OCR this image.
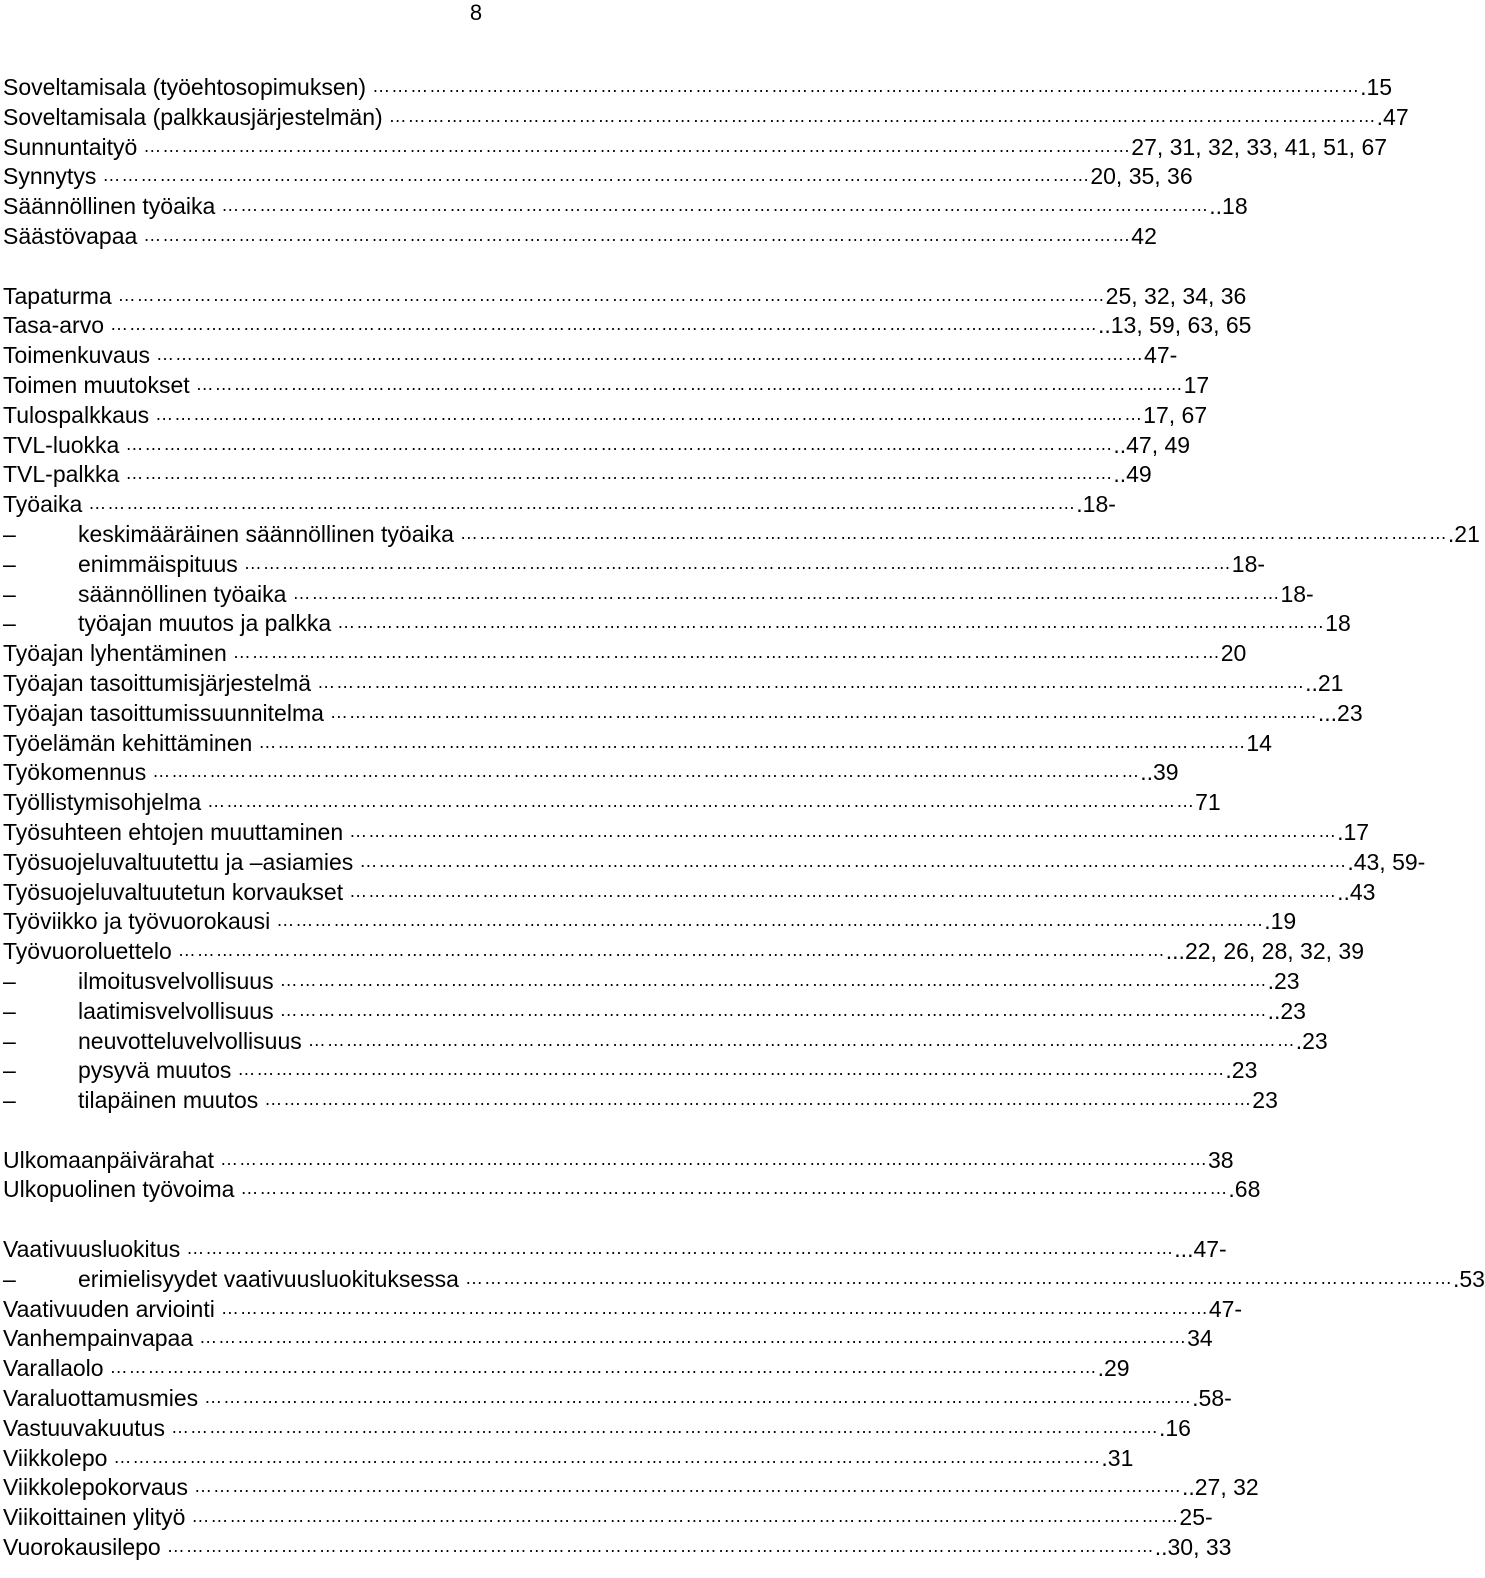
8
Soveltamisala (työehtosopimuksen) ………………………………………………………………………………………………………………………………………… .15
Soveltamisala (palkkausjärjestelmän) ………………………………………………………………………………………………………………………………………… .47
Sunnuntaityö ………………………………………………………………………………………………………………………………………… 27, 31, 32, 33, 41, 51, 67
Synnytys ………………………………………………………………………………………………………………………………………… 20, 35, 36
Säännöllinen työaika ………………………………………………………………………………………………………………………………………… ..18
Säästövapaa ………………………………………………………………………………………………………………………………………… 42
Tapaturma ………………………………………………………………………………………………………………………………………… 25, 32, 34, 36
Tasa-arvo ………………………………………………………………………………………………………………………………………… ..13, 59, 63, 65
Toimenkuvaus ………………………………………………………………………………………………………………………………………… 47-
Toimen muutokset ………………………………………………………………………………………………………………………………………… 17
Tulospalkkaus ………………………………………………………………………………………………………………………………………… 17, 67
TVL-luokka ………………………………………………………………………………………………………………………………………… ..47, 49
TVL-palkka ………………………………………………………………………………………………………………………………………… ..49
Työaika ………………………………………………………………………………………………………………………………………… .18-
–	keskimääräinen säännöllinen työaika ………………………………………………………………………………………………………………………………………… .21
–	enimmäispituus ………………………………………………………………………………………………………………………………………… 18-
–	säännöllinen työaika ………………………………………………………………………………………………………………………………………… 18-
–	työajan muutos ja palkka ………………………………………………………………………………………………………………………………………… 18
Työajan lyhentäminen ………………………………………………………………………………………………………………………………………… 20
Työajan tasoittumisjärjestelmä ………………………………………………………………………………………………………………………………………… ..21
Työajan tasoittumissuunnitelma ………………………………………………………………………………………………………………………………………… ...23
Työelämän kehittäminen ………………………………………………………………………………………………………………………………………… 14
Työkomennus ………………………………………………………………………………………………………………………………………… ..39
Työllistymisohjelma ………………………………………………………………………………………………………………………………………… 71
Työsuhteen ehtojen muuttaminen ………………………………………………………………………………………………………………………………………… .17
Työsuojeluvaltuutettu ja –asiamies ………………………………………………………………………………………………………………………………………… .43, 59-
Työsuojeluvaltuutetun korvaukset ………………………………………………………………………………………………………………………………………… ..43
Työviikko ja työvuorokausi ………………………………………………………………………………………………………………………………………… .19
Työvuoroluettelo ………………………………………………………………………………………………………………………………………… ...22, 26, 28, 32, 39
–	ilmoitusvelvollisuus ………………………………………………………………………………………………………………………………………… .23
–	laatimisvelvollisuus ………………………………………………………………………………………………………………………………………… ..23
–	neuvotteluvelvollisuus ………………………………………………………………………………………………………………………………………… .23
–	pysyvä muutos ………………………………………………………………………………………………………………………………………… .23
–	tilapäinen muutos ………………………………………………………………………………………………………………………………………… 23
Ulkomaanpäivärahat ………………………………………………………………………………………………………………………………………… 38
Ulkopuolinen työvoima ………………………………………………………………………………………………………………………………………… .68
Vaativuusluokitus ………………………………………………………………………………………………………………………………………… ...47-
–	erimielisyydet vaativuusluokituksessa ………………………………………………………………………………………………………………………………………… .53
Vaativuuden arviointi ………………………………………………………………………………………………………………………………………… 47-
Vanhempainvapaa ………………………………………………………………………………………………………………………………………… 34
Varallaolo ………………………………………………………………………………………………………………………………………… .29
Varaluottamusmies ………………………………………………………………………………………………………………………………………… .58-
Vastuuvakuutus ………………………………………………………………………………………………………………………………………… .16
Viikkolepo ………………………………………………………………………………………………………………………………………… .31
Viikkolepokorvaus ………………………………………………………………………………………………………………………………………… ..27, 32
Viikoittainen ylityö ………………………………………………………………………………………………………………………………………… 25-
Vuorokausilepo ………………………………………………………………………………………………………………………………………… ..30, 33
